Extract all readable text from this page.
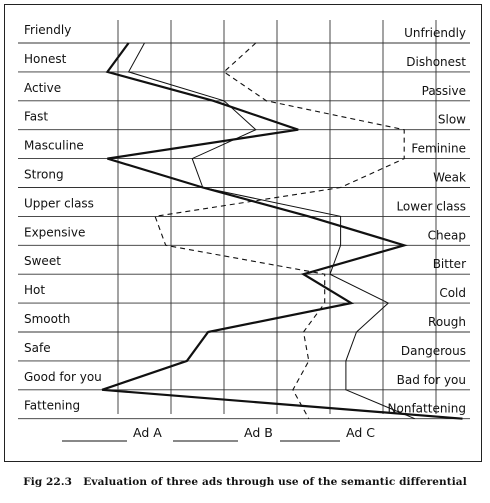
Friendly
Honest
Active
Fast
Masculine
Strong
Upper class
Expensive
Sweet
Hot
Smooth
Safe
Good for you
Fattening
Unfriendly
Dishonest
Passive
Slow
Feminine
Weak
Lower class
Cheap
Bitter
Cold
Rough
Dangerous
Bad for you
Nonfattening
Ad A	Ad B	Ad C
Fig 22.3 Evaluation of three ads through use of the semantic differential
